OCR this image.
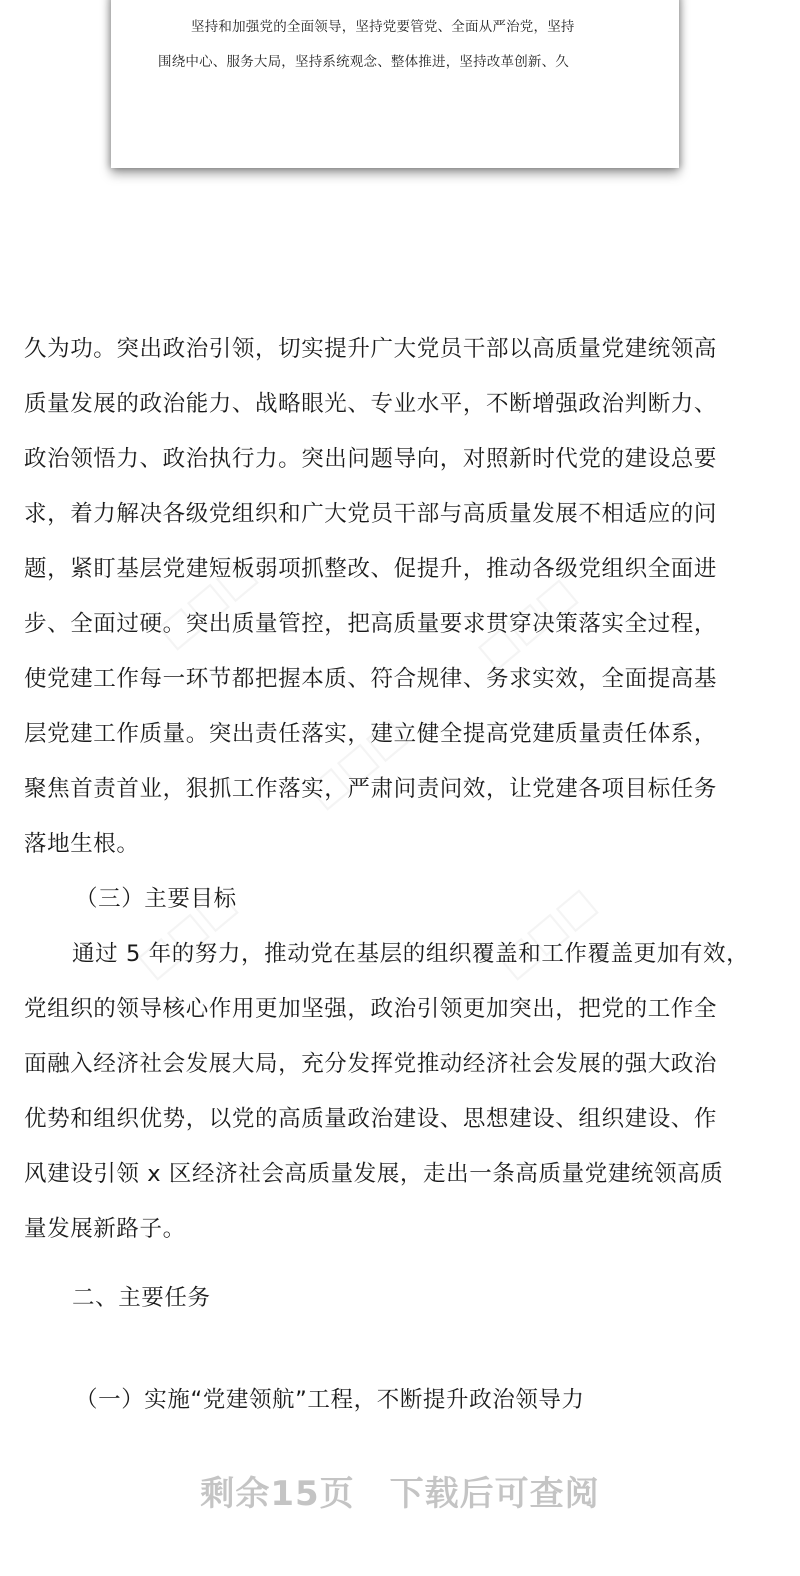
坚持和加强党的全面领导，坚持党要管党、全面从严治党，坚持
围绕中心、服务大局，坚持系统观念、整体推进，坚持改革创新、久
久为功。突出政治引领，切实提升广大党员干部以高质量党建统领高
质量发展的政治能力、战略眼光、专业水平，不断增强政治判断力、
政治领悟力、政治执行力。突出问题导向，对照新时代党的建设总要
求，着力解决各级党组织和广大党员干部与高质量发展不相适应的问
题，紧盯基层党建短板弱项抓整改、促提升，推动各级党组织全面进
步、全面过硬。突出质量管控，把高质量要求贯穿决策落实全过程，
使党建工作每一环节都把握本质、符合规律、务求实效，全面提高基
层党建工作质量。突出责任落实，建立健全提高党建质量责任体系，
聚焦首责首业，狠抓工作落实，严肃问责问效，让党建各项目标任务
落地生根。
（三）主要目标
通过 5 年的努力，推动党在基层的组织覆盖和工作覆盖更加有效，
党组织的领导核心作用更加坚强，政治引领更加突出，把党的工作全
面融入经济社会发展大局，充分发挥党推动经济社会发展的强大政治
优势和组织优势，以党的高质量政治建设、思想建设、组织建设、作
风建设引领 x 区经济社会高质量发展，走出一条高质量党建统领高质
量发展新路子。
二、主要任务
（一）实施“党建领航”工程，不断提升政治领导力
剩余15页　下载后可查阅
